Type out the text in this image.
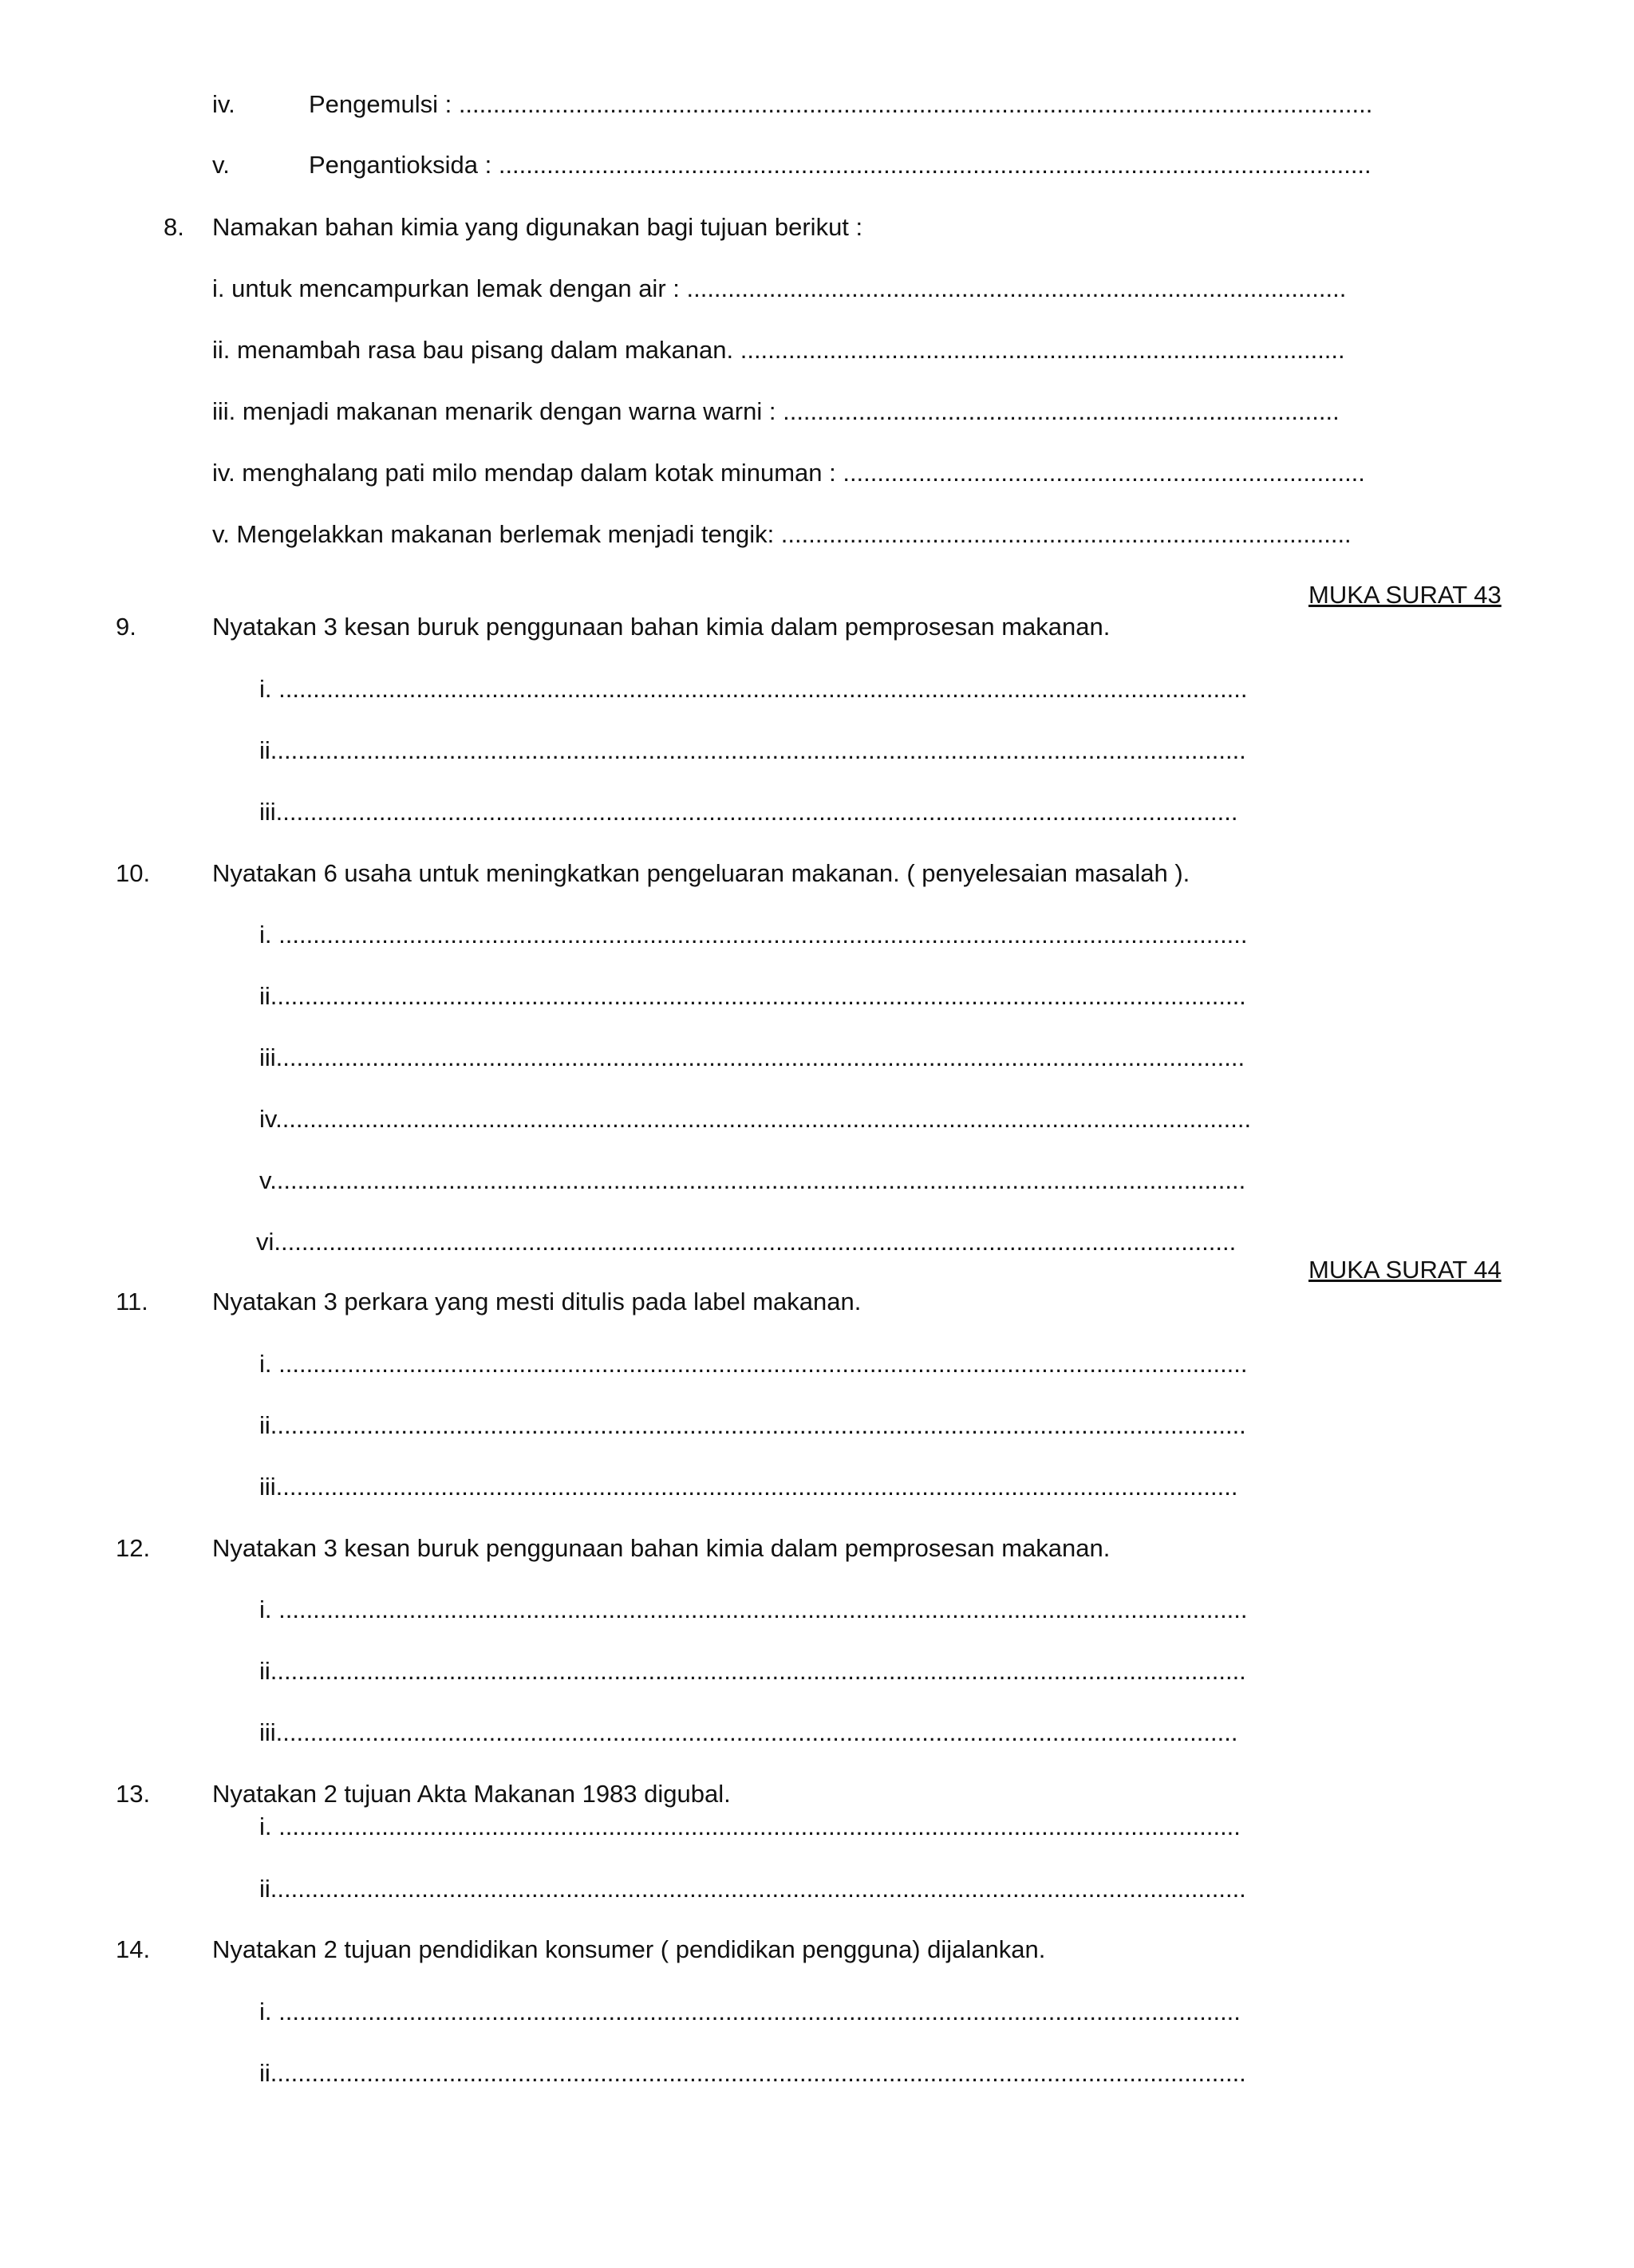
iv.	Pengemulsi : .....................................................................................................................................
v.	Pengantioksida : ...............................................................................................................................
8. Namakan bahan kimia yang digunakan bagi tujuan berikut :
i. untuk mencampurkan lemak dengan air : ................................................................................................
ii. menambah rasa bau pisang dalam makanan. ........................................................................................
iii. menjadi makanan menarik dengan warna warni : .................................................................................
iv. menghalang pati milo mendap dalam kotak minuman : ............................................................................
v. Mengelakkan makanan berlemak menjadi tengik: ...................................................................................
MUKA SURAT 43
9.	Nyatakan 3 kesan buruk penggunaan bahan kimia dalam pemprosesan makanan.
i. .............................................................................................................................................
ii..............................................................................................................................................
iii............................................................................................................................................
10.	Nyatakan 6 usaha untuk meningkatkan pengeluaran makanan. ( penyelesaian masalah ).
i. .............................................................................................................................................
ii..............................................................................................................................................
iii.............................................................................................................................................
iv..............................................................................................................................................
v..............................................................................................................................................
vi............................................................................................................................................
MUKA SURAT 44
11.	Nyatakan 3 perkara yang mesti ditulis pada label makanan.
i. .............................................................................................................................................
ii..............................................................................................................................................
iii............................................................................................................................................
12.	Nyatakan 3 kesan buruk penggunaan bahan kimia dalam pemprosesan makanan.
i. .............................................................................................................................................
ii..............................................................................................................................................
iii............................................................................................................................................
13.	Nyatakan 2 tujuan Akta Makanan 1983 digubal.
i. ............................................................................................................................................
ii..............................................................................................................................................
14.	Nyatakan 2 tujuan pendidikan konsumer ( pendidikan pengguna) dijalankan.
i. ............................................................................................................................................
ii..............................................................................................................................................
